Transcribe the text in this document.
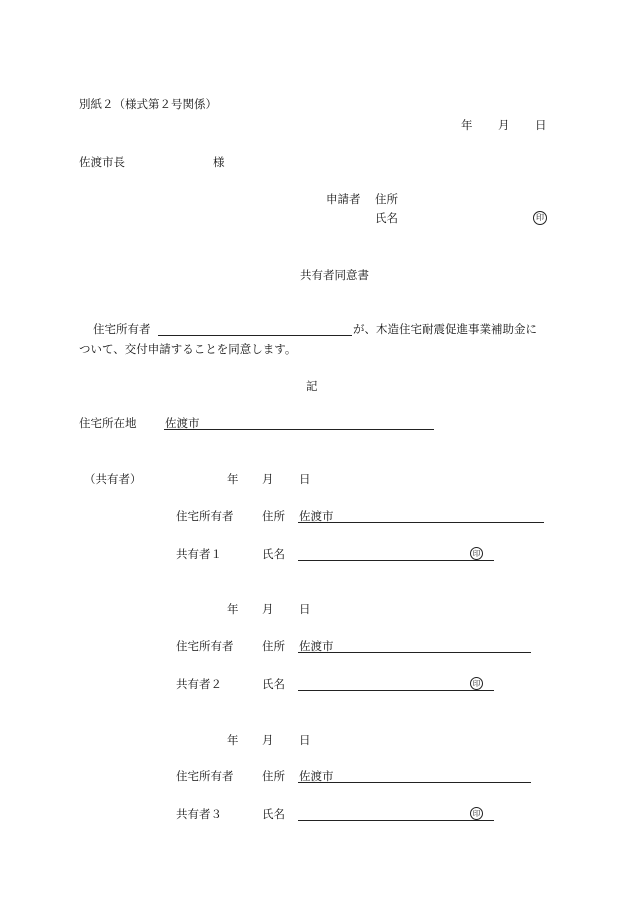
別紙２（様式第２号関係）
年 月 日
佐渡市長	様
申請者 住所
氏名	印
共有者同意書
住宅所有者	が、木造住宅耐震促進事業補助金に
ついて、交付申請することを同意します。
記
住宅所在地 佐渡市
（共有者）	年 月 日
住宅所有者 住所 佐渡市
共有者１	氏名	印
年 月 日
住宅所有者 住所 佐渡市
共有者２	氏名	印
年 月 日
住宅所有者 住所 佐渡市
共有者３	氏名	印
